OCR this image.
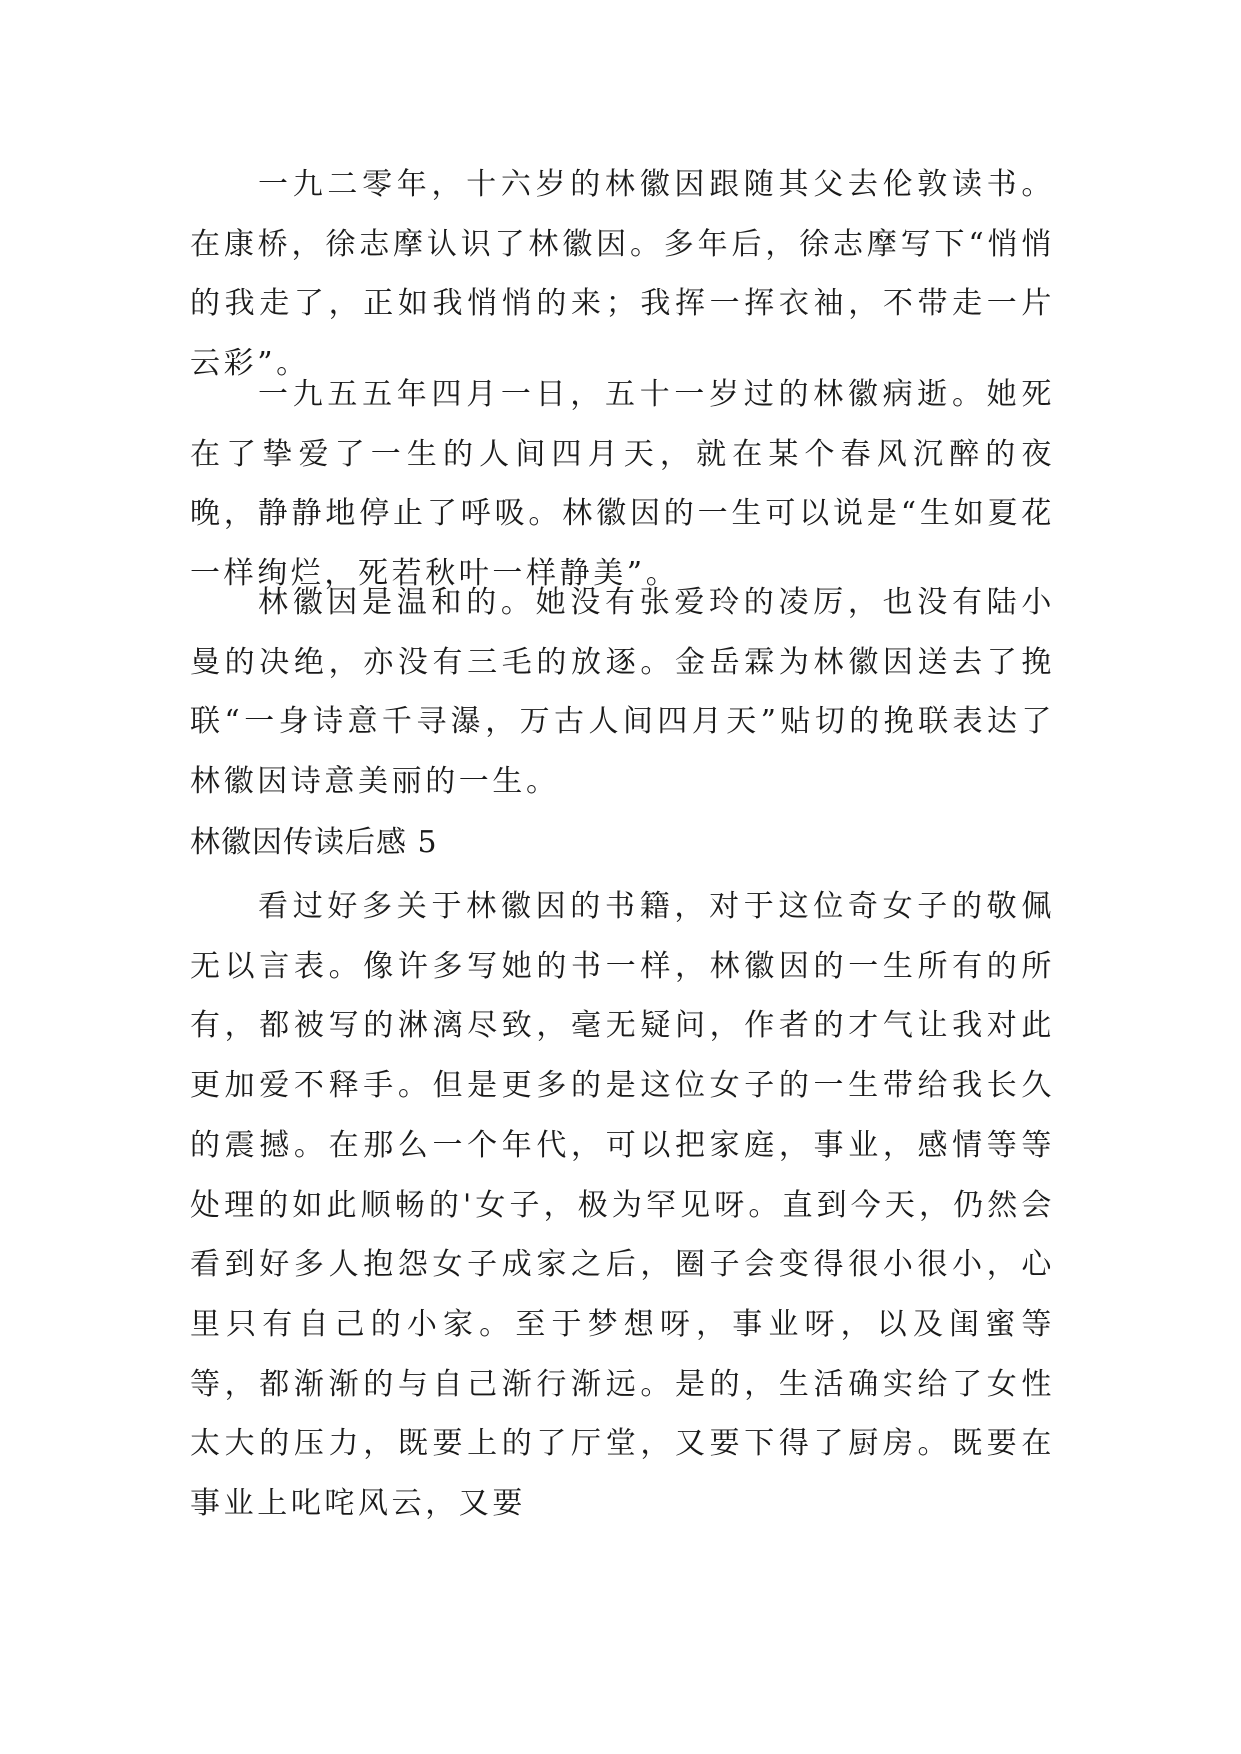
一九二零年，十六岁的林徽因跟随其父去伦敦读书。在康桥，徐志摩认识了林徽因。多年后，徐志摩写下“悄悄的我走了，正如我悄悄的来；我挥一挥衣袖，不带走一片云彩”。

一九五五年四月一日，五十一岁过的林徽病逝。她死在了挚爱了一生的人间四月天，就在某个春风沉醉的夜晚，静静地停止了呼吸。林徽因的一生可以说是“生如夏花一样绚烂，死若秋叶一样静美”。

林徽因是温和的。她没有张爱玲的凌厉，也没有陆小曼的决绝，亦没有三毛的放逐。金岳霖为林徽因送去了挽联“一身诗意千寻瀑，万古人间四月天”贴切的挽联表达了林徽因诗意美丽的一生。

林徽因传读后感 5

看过好多关于林徽因的书籍，对于这位奇女子的敬佩无以言表。像许多写她的书一样，林徽因的一生所有的所有，都被写的淋漓尽致，毫无疑问，作者的才气让我对此更加爱不释手。但是更多的是这位女子的一生带给我长久的震撼。在那么一个年代，可以把家庭，事业，感情等等处理的如此顺畅的'女子，极为罕见呀。直到今天，仍然会看到好多人抱怨女子成家之后，圈子会变得很小很小，心里只有自己的小家。至于梦想呀，事业呀，以及闺蜜等等，都渐渐的与自己渐行渐远。是的，生活确实给了女性太大的压力，既要上的了厅堂，又要下得了厨房。既要在事业上叱咤风云，又要
